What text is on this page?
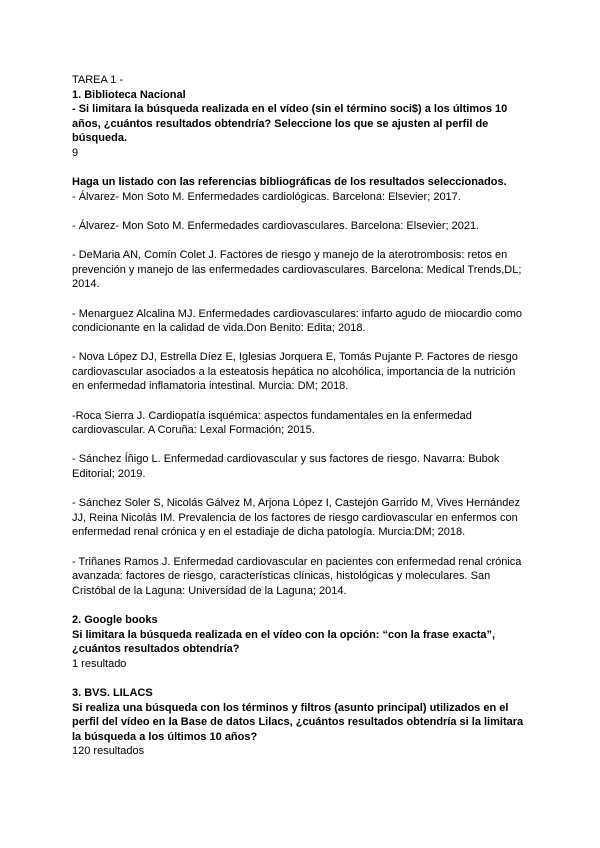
TAREA 1 -

1. Biblioteca Nacional

- Si limitara la búsqueda realizada en el vídeo (sin el término soci$) a los últimos 10 años, ¿cuántos resultados obtendría? Seleccione los que se ajusten al perfil de búsqueda.

9

Haga un listado con las referencias bibliográficas de los resultados seleccionados.

- Álvarez- Mon Soto M. Enfermedades cardiológicas. Barcelona: Elsevier; 2017.

- Álvarez- Mon Soto M. Enfermedades cardiovasculares. Barcelona: Elsevier; 2021.

- DeMaria AN, Comín Colet J. Factores de riesgo y manejo de la aterotrombosis: retos en prevención y manejo de las enfermedades cardiovasculares. Barcelona: Medical Trends,DL; 2014.

- Menarguez Alcalina MJ. Enfermedades cardiovasculares: infarto agudo de miocardio como condicionante en la calidad de vida.Don Benito: Edita; 2018.

- Nova López DJ, Estrella Díez E, Iglesias Jorquera E, Tomás Pujante P. Factores de riesgo cardiovascular asociados a la esteatosis hepática no alcohólica, importancia de la nutrición en enfermedad inflamatoria intestinal. Murcia: DM; 2018.

-Roca Sierra J. Cardiopatía isquémica: aspectos fundamentales en la enfermedad cardiovascular. A Coruña: Lexal Formación; 2015.

- Sánchez Íñigo L. Enfermedad cardiovascular y sus factores de riesgo. Navarra: Bubok Editorial; 2019.

- Sánchez Soler S, Nicolás Gálvez M, Arjona López I, Castejón Garrido M, Vives Hernández JJ, Reina Nicolás IM. Prevalencia de los factores de riesgo cardiovascular en enfermos con enfermedad renal crónica y en el estadiaje de dicha patología. Murcia:DM; 2018.

- Triñanes Ramos J. Enfermedad cardiovascular en pacientes con enfermedad renal crónica avanzada: factores de riesgo, características clínicas, histológicas y moleculares. San Cristóbal de la Laguna: Universidad de la Laguna; 2014.

2. Google books

Si limitara la búsqueda realizada en el vídeo con la opción: “con la frase exacta”, ¿cuántos resultados obtendría?

1 resultado

3. BVS. LILACS

Si realiza una búsqueda con los términos y filtros (asunto principal) utilizados en el perfil del vídeo en la Base de datos Lilacs, ¿cuántos resultados obtendría si la limitara la búsqueda a los últimos 10 años?

120 resultados
